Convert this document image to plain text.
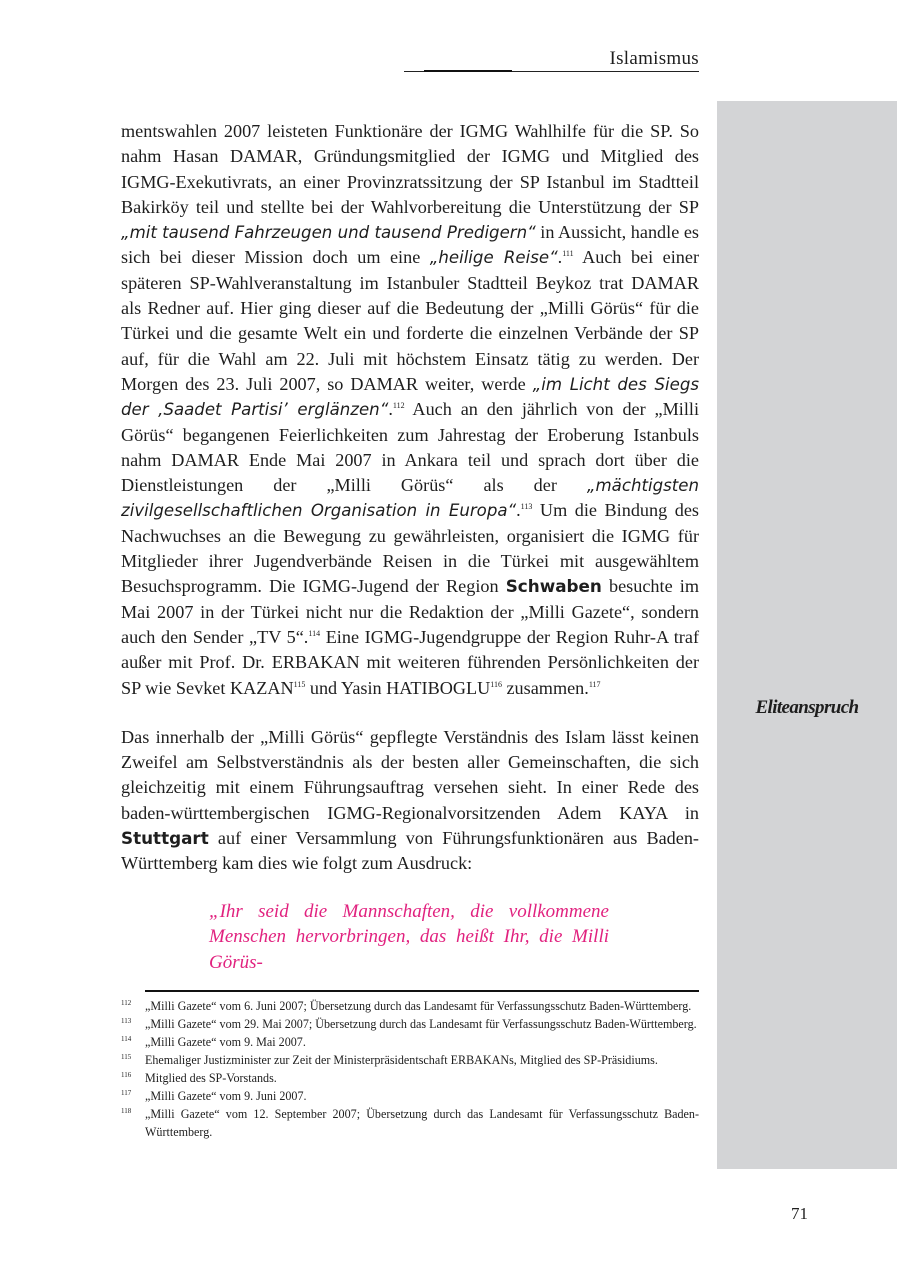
Islamismus
Eliteanspruch

mentswahlen 2007 leisteten Funktionäre der IGMG Wahlhilfe für die SP. So nahm Hasan DAMAR, Gründungsmitglied der IGMG und Mitglied des IGMG-Exekutivrats, an einer Provinzratssitzung der SP Istanbul im Stadtteil Bakirköy teil und stellte bei der Wahlvorbereitung die Unterstützung der SP „mit tausend Fahrzeugen und tausend Predigern“ in Aussicht, handle es sich bei dieser Mission doch um eine „heilige Reise“.$^{111}$ Auch bei einer späteren SP-Wahlveranstaltung im Istanbuler Stadtteil Beykoz trat DAMAR als Redner auf. Hier ging dieser auf die Bedeutung der „Milli Görüs“ für die Türkei und die gesamte Welt ein und forderte die einzelnen Verbände der SP auf, für die Wahl am 22. Juli mit höchstem Einsatz tätig zu werden. Der Morgen des 23. Juli 2007, so DAMAR weiter, werde „im Licht des Siegs der ‚Saadet Partisi’ erglänzen“.$^{112}$ Auch an den jährlich von der „Milli Görüs“ begangenen Feierlichkeiten zum Jahrestag der Eroberung Istanbuls nahm DAMAR Ende Mai 2007 in Ankara teil und sprach dort über die Dienstleistungen der „Milli Görüs“ als der „mächtigsten zivilgesellschaftlichen Organisation in Europa“.$^{113}$ Um die Bindung des Nachwuchses an die Bewegung zu gewährleisten, organisiert die IGMG für Mitglieder ihrer Jugendverbände Reisen in die Türkei mit ausgewähltem Besuchsprogramm. Die IGMG-Jugend der Region Schwaben besuchte im Mai 2007 in der Türkei nicht nur die Redaktion der „Milli Gazete“, sondern auch den Sender „TV 5“.$^{114}$ Eine IGMG-Jugendgruppe der Region Ruhr-A traf außer mit Prof. Dr. ERBAKAN mit weiteren führenden Persönlichkeiten der SP wie Sevket KAZAN$^{115}$ und Yasin HATIBOGLU$^{116}$ zusammen.$^{117}$

Das innerhalb der „Milli Görüs“ gepflegte Verständnis des Islam lässt keinen Zweifel am Selbstverständnis als der besten aller Gemeinschaften, die sich gleichzeitig mit einem Führungsauftrag versehen sieht. In einer Rede des baden-württembergischen IGMG-Regionalvorsitzenden Adem KAYA in Stuttgart auf einer Versammlung von Führungsfunktionären aus Baden-Württemberg kam dies wie folgt zum Ausdruck:

„Ihr seid die Mannschaften, die vollkommene Menschen hervorbringen, das heißt Ihr, die Milli Görüs-
112 „Milli Gazete“ vom 6. Juni 2007; Übersetzung durch das Landesamt für Verfassungsschutz Baden-Württemberg.
113 „Milli Gazete“ vom 29. Mai 2007; Übersetzung durch das Landesamt für Verfassungsschutz Baden-Württemberg.
114 „Milli Gazete“ vom 9. Mai 2007.
115 Ehemaliger Justizminister zur Zeit der Ministerpräsidentschaft ERBAKANs, Mitglied des SP-Präsidiums.
116 Mitglied des SP-Vorstands.
117 „Milli Gazete“ vom 9. Juni 2007.
118 „Milli Gazete“ vom 12. September 2007; Übersetzung durch das Landesamt für Verfassungsschutz Baden-Württemberg.
71
